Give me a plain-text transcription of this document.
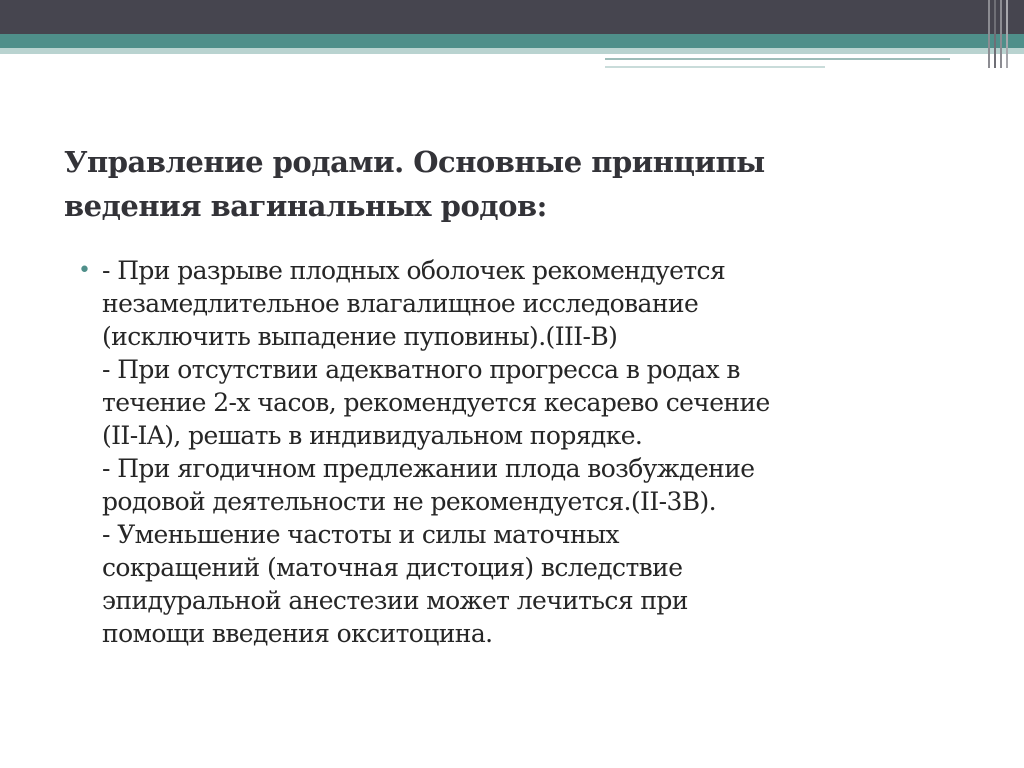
Управление родами. Основные принципы
ведения вагинальных родов:
• - При разрыве плодных оболочек рекомендуется
незамедлительное влагалищное исследование
(исключить выпадение пуповины).(III-B)
- При отсутствии адекватного прогресса в родах в
течение 2-х часов, рекомендуется кесарево сечение
(II-IA), решать в индивидуальном порядке.
- При ягодичном предлежании плода возбуждение
родовой деятельности не рекомендуется.(II-3B).
- Уменьшение частоты и силы маточных
сокращений (маточная дистоция) вследствие
эпидуральной анестезии может лечиться при
помощи введения окситоцина.
